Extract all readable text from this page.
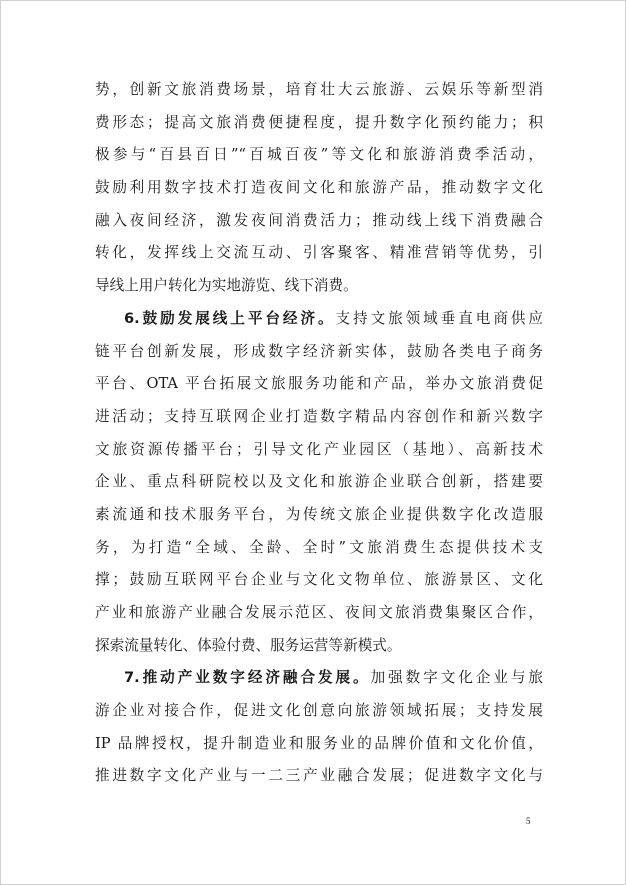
势，创新文旅消费场景，培育壮大云旅游、云娱乐等新型消
费形态；提高文旅消费便捷程度，提升数字化预约能力；积
极参与“百县百日”“百城百夜”等文化和旅游消费季活动，
鼓励利用数字技术打造夜间文化和旅游产品，推动数字文化
融入夜间经济，激发夜间消费活力；推动线上线下消费融合
转化，发挥线上交流互动、引客聚客、精准营销等优势，引
导线上用户转化为实地游览、线下消费。
6.鼓励发展线上平台经济。支持文旅领域垂直电商供应
链平台创新发展，形成数字经济新实体，鼓励各类电子商务
平台、OTA 平台拓展文旅服务功能和产品，举办文旅消费促
进活动；支持互联网企业打造数字精品内容创作和新兴数字
文旅资源传播平台；引导文化产业园区（基地）、高新技术
企业、重点科研院校以及文化和旅游企业联合创新，搭建要
素流通和技术服务平台，为传统文旅企业提供数字化改造服
务，为打造“全域、全龄、全时”文旅消费生态提供技术支
撑；鼓励互联网平台企业与文化文物单位、旅游景区、文化
产业和旅游产业融合发展示范区、夜间文旅消费集聚区合作，
探索流量转化、体验付费、服务运营等新模式。
7.推动产业数字经济融合发展。加强数字文化企业与旅
游企业对接合作，促进文化创意向旅游领域拓展；支持发展
IP 品牌授权，提升制造业和服务业的品牌价值和文化价值，
推进数字文化产业与一二三产业融合发展；促进数字文化与
5
